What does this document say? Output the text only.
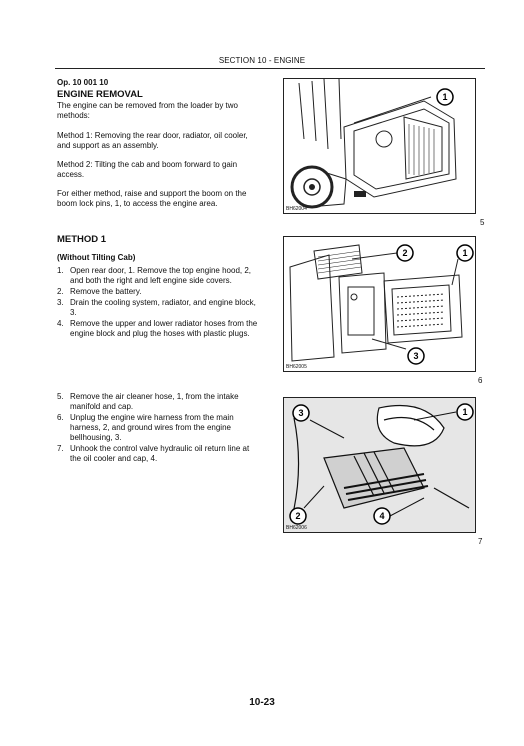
SECTION 10 - ENGINE
Op. 10 001 10
ENGINE REMOVAL
The engine can be removed from the loader by two methods:
Method 1: Removing the rear door, radiator, oil cooler, and support as an assembly.
Method 2: Tilting the cab and boom forward to gain access.
For either method, raise and support the boom on the boom lock pins, 1, to access the engine area.
METHOD 1
(Without Tilting Cab)
1. Open rear door, 1. Remove the top engine hood, 2, and both the right and left engine side covers.
2. Remove the battery.
3. Drain the cooling system, radiator, and engine block, 3.
4. Remove the upper and lower radiator hoses from the engine block and plug the hoses with plastic plugs.
5. Remove the air cleaner hose, 1, from the intake manifold and cap.
6. Unplug the engine wire harness from the main harness, 2, and ground wires from the engine bellhousing, 3.
7. Unhook the control valve hydraulic oil return line at the oil cooler and cap, 4.
1
BH62004
5
2	1
3
BH62005
6
3	1
2	4
BH62006
7
10-23
